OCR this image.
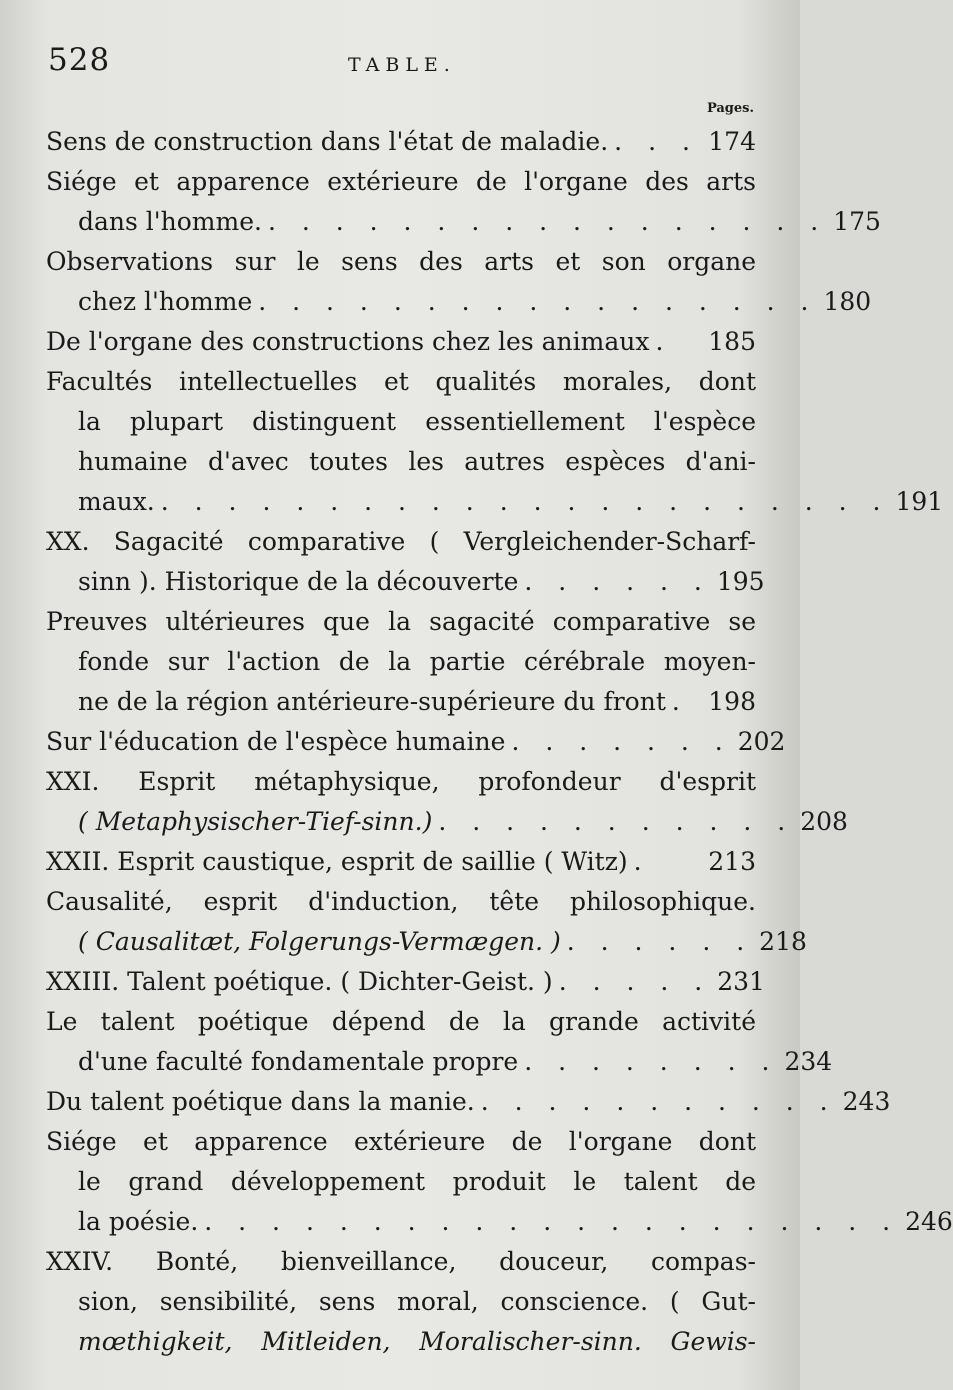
528	TABLE.
Pages.
Sens de construction dans l'état de maladie. . . . 174
Siége et apparence extérieure de l'organe des arts
dans l'homme. . . . . . . . . . . . . . . . . . 175
Observations sur le sens des arts et son organe
chez l'homme . . . . . . . . . . . . . . . . . 180
De l'organe des constructions chez les animaux .	185
Facultés intellectuelles et qualités morales, dont
la plupart distinguent essentiellement l'espèce
humaine d'avec toutes les autres espèces d'ani-
maux. . . . . . . . . . . . . . . . . . . . . . . 191
XX. Sagacité comparative ( Vergleichender-Scharf-
sinn ). Historique de la découverte . . . . . . 195
Preuves ultérieures que la sagacité comparative se
fonde sur l'action de la partie cérébrale moyen-
ne de la région antérieure-supérieure du front . 198
Sur l'éducation de l'espèce humaine . . . . . . . 202
XXI. Esprit métaphysique, profondeur d'esprit
( Metaphysischer-Tief-sinn.) . . . . . . . . . . . 208
XXII. Esprit caustique, esprit de saillie ( Witz) .	213
Causalité, esprit d'induction, tête philosophique.
( Causalitæt, Folgerungs-Vermægen. ) . . . . . . 218
XXIII. Talent poétique. ( Dichter-Geist. ) . . . . . 231
Le talent poétique dépend de la grande activité
d'une faculté fondamentale propre . . . . . . . . 234
Du talent poétique dans la manie. . . . . . . . . . . . 243
Siége et apparence extérieure de l'organe dont
le grand développement produit le talent de
la poésie. . . . . . . . . . . . . . . . . . . . . . 246
XXIV. Bonté, bienveillance, douceur, compas-
sion, sensibilité, sens moral, conscience. ( Gut-
mœthigkeit, Mitleiden, Moralischer-sinn. Gewis-
